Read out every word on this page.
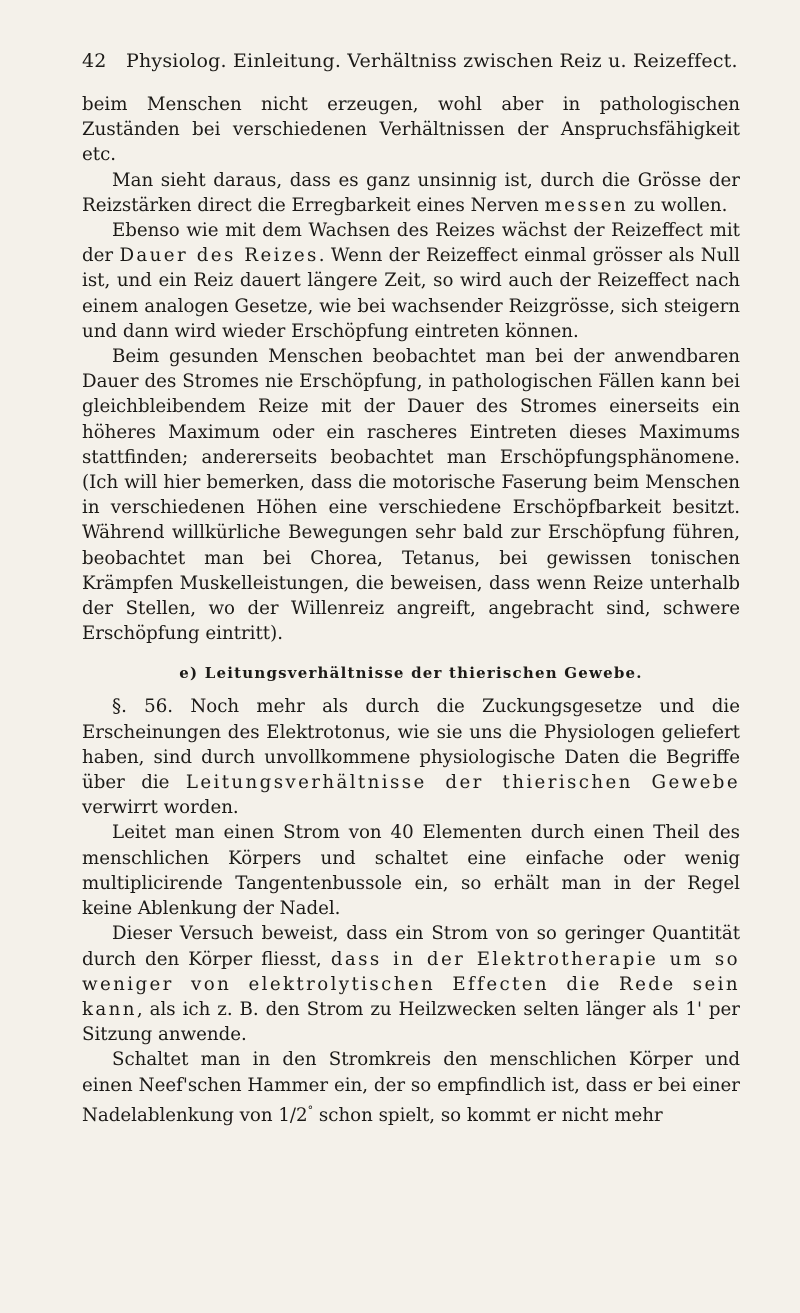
42	Physiolog. Einleitung. Verhältniss zwischen Reiz u. Reizeffect.

beim Menschen nicht erzeugen, wohl aber in pathologischen Zuständen bei verschiedenen Verhältnissen der Anspruchsfähigkeit etc.

Man sieht daraus, dass es ganz unsinnig ist, durch die Grösse der Reizstärken direct die Erregbarkeit eines Nerven messen zu wollen.

Ebenso wie mit dem Wachsen des Reizes wächst der Reizeffect mit der Dauer des Reizes. Wenn der Reizeffect einmal grösser als Null ist, und ein Reiz dauert längere Zeit, so wird auch der Reizeffect nach einem analogen Gesetze, wie bei wachsender Reizgrösse, sich steigern und dann wird wieder Erschöpfung eintreten können.

Beim gesunden Menschen beobachtet man bei der anwendbaren Dauer des Stromes nie Erschöpfung, in pathologischen Fällen kann bei gleichbleibendem Reize mit der Dauer des Stromes einerseits ein höheres Maximum oder ein rascheres Eintreten dieses Maximums stattfinden; andererseits beobachtet man Erschöpfungsphänomene. (Ich will hier bemerken, dass die motorische Faserung beim Menschen in verschiedenen Höhen eine verschiedene Erschöpfbarkeit besitzt. Während willkürliche Bewegungen sehr bald zur Erschöpfung führen, beobachtet man bei Chorea, Tetanus, bei gewissen tonischen Krämpfen Muskelleistungen, die beweisen, dass wenn Reize unterhalb der Stellen, wo der Willenreiz angreift, angebracht sind, schwere Erschöpfung eintritt).

e) Leitungsverhältnisse der thierischen Gewebe.

§. 56. Noch mehr als durch die Zuckungsgesetze und die Erscheinungen des Elektrotonus, wie sie uns die Physiologen geliefert haben, sind durch unvollkommene physiologische Daten die Begriffe über die Leitungsverhältnisse der thierischen Gewebe verwirrt worden.

Leitet man einen Strom von 40 Elementen durch einen Theil des menschlichen Körpers und schaltet eine einfache oder wenig multiplicirende Tangentenbussole ein, so erhält man in der Regel keine Ablenkung der Nadel.

Dieser Versuch beweist, dass ein Strom von so geringer Quantität durch den Körper fliesst, dass in der Elektrotherapie um so weniger von elektrolytischen Effecten die Rede sein kann, als ich z. B. den Strom zu Heilzwecken selten länger als 1' per Sitzung anwende.

Schaltet man in den Stromkreis den menschlichen Körper und einen Neef'schen Hammer ein, der so empfindlich ist, dass er bei einer Nadelablenkung von 1/2° schon spielt, so kommt er nicht mehr
